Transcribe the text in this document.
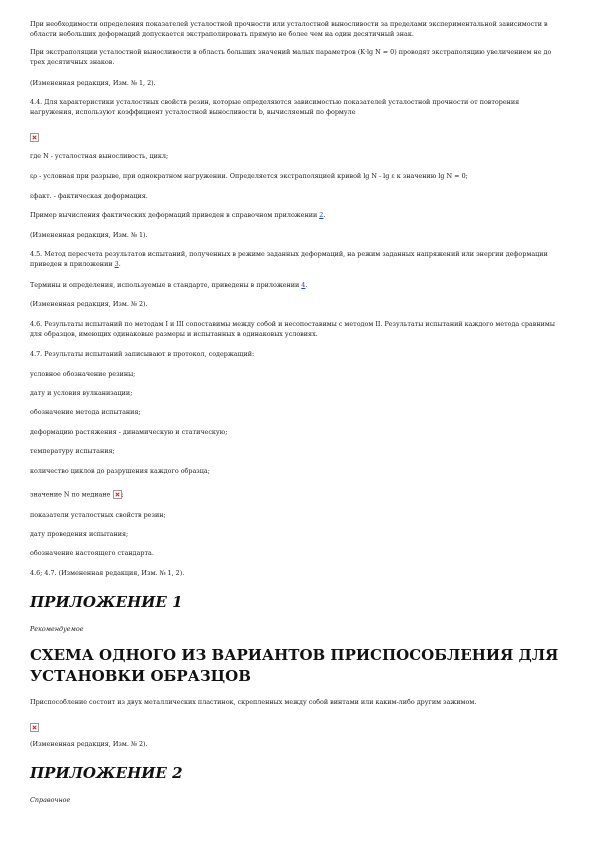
При необходимости определения показателей усталостной прочности или усталостной выносливости за пределами экспериментальной зависимости в области небольших деформаций допускается экстраполировать прямую не более чем на один десятичный знак.

При экстраполяции усталостной выносливости в область больших значений малых параметров (K·lg N = 0) проводят экстраполяцию увеличением не до трех десятичных знаков.

(Измененная редакция, Изм. № 1, 2).

4.4. Для характеристики усталостных свойств резин, которые определяются зависимостью показателей усталостной прочности от повторения нагружения, используют коэффициент усталостной выносливости b, вычисляемый по формуле

где N - усталостная выносливость, цикл;

ερ - условная при разрыве, при однократном нагружении. Определяется экстраполяцией кривой lg N - lg ε к значению lg N = 0;

εфакт. - фактическая деформация.

Пример вычисления фактических деформаций приведен в справочном приложении 2.

(Измененная редакция, Изм. № 1).

4.5. Метод пересчета результатов испытаний, полученных в режиме заданных деформаций, на режим заданных напряжений или энергии деформации приведен в приложении 3.

Термины и определения, используемые в стандарте, приведены в приложении 4.

(Измененная редакция, Изм. № 2).

4.6. Результаты испытаний по методам I и III сопоставимы между собой и несопоставимы с методом II. Результаты испытаний каждого метода сравнимы для образцов, имеющих одинаковые размеры и испытанных в одинаковых условиях.

4.7. Результаты испытаний записывают в протокол, содержащий:

условное обозначение резины;

дату и условия вулканизации;

обозначение метода испытания;

деформацию растяжения - динамическую и статическую;

температуру испытания;

количество циклов до разрушения каждого образца;

значение N по медиане ;

показатели усталостных свойств резин;

дату проведения испытания;

обозначение настоящего стандарта.

4.6; 4.7. (Измененная редакция, Изм. № 1, 2).

ПРИЛОЖЕНИЕ 1

Рекомендуемое

СХЕМА ОДНОГО ИЗ ВАРИАНТОВ ПРИСПОСОБЛЕНИЯ ДЛЯ УСТАНОВКИ ОБРАЗЦОВ

Приспособление состоит из двух металлических пластинок, скрепленных между собой винтами или каким-либо другим зажимом.

(Измененная редакция, Изм. № 2).

ПРИЛОЖЕНИЕ 2

Справочное
